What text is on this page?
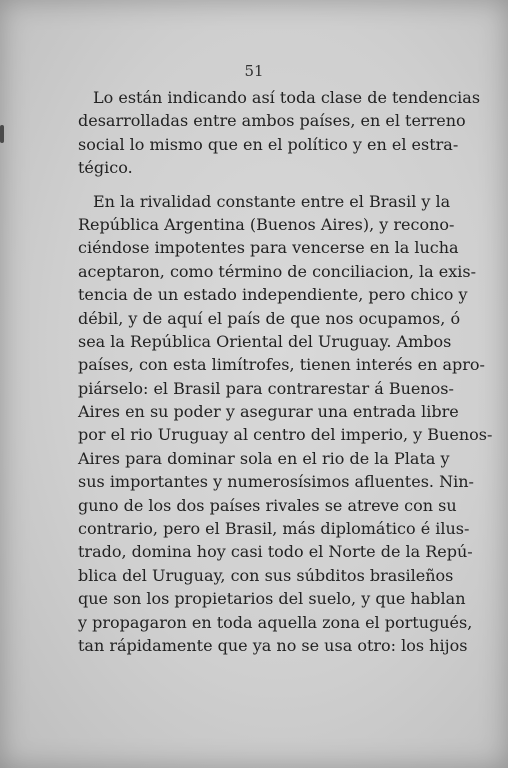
51
Lo están indicando así toda clase de tendencias
desarrolladas entre ambos países, en el terreno
social lo mismo que en el político y en el estra-
tégico.
En la rivalidad constante entre el Brasil y la
República Argentina (Buenos Aires), y recono-
ciéndose impotentes para vencerse en la lucha
aceptaron, como término de conciliacion, la exis-
tencia de un estado independiente, pero chico y
débil, y de aquí el país de que nos ocupamos, ó
sea la República Oriental del Uruguay. Ambos
países, con esta limítrofes, tienen interés en apro-
piárselo: el Brasil para contrarestar á Buenos-
Aires en su poder y asegurar una entrada libre
por el rio Uruguay al centro del imperio, y Buenos-
Aires para dominar sola en el rio de la Plata y
sus importantes y numerosísimos afluentes. Nin-
guno de los dos países rivales se atreve con su
contrario, pero el Brasil, más diplomático é ilus-
trado, domina hoy casi todo el Norte de la Repú-
blica del Uruguay, con sus súbditos brasileños
que son los propietarios del suelo, y que hablan
y propagaron en toda aquella zona el portugués,
tan rápidamente que ya no se usa otro: los hijos
